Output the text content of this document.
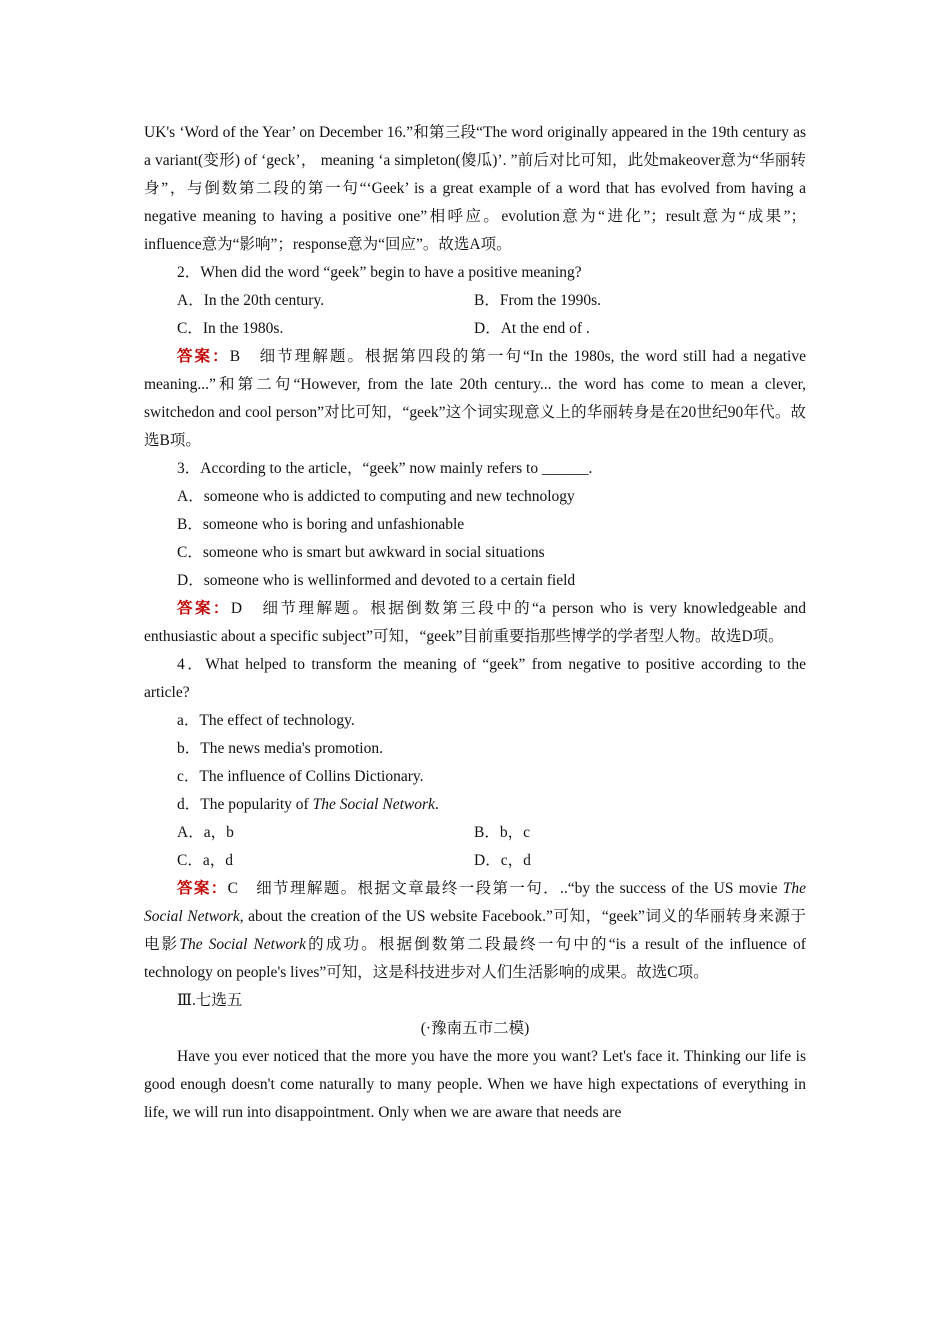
UK's ‘Word of the Year’ on December 16.”和第三段“The word originally appeared in the 19th century as a variant(变形) of ‘geck’， meaning ‘a simpleton(傻瓜)’. ”前后对比可知，此处makeover意为“华丽转身”，与倒数第二段的第一句“‘Geek’ is a great example of a word that has evolved from having a negative meaning to having a positive one”相呼应。evolution意为“进化”；result意为“成果”；influence意为“影响”；response意为“回应”。故选A项。

2．When did the word “geek” begin to have a positive meaning?

A．In the 20th century.	B．From the 1990s.
C．In the 1980s.	D．At the end of .

答案：B　细节理解题。根据第四段的第一句“In the 1980s, the word still had a negative meaning...”和第二句“However, from the late 20th century... the word has come to mean a clever, switchedon and cool person”对比可知，“geek”这个词实现意义上的华丽转身是在20世纪90年代。故选B项。

3．According to the article，“geek” now mainly refers to ______.

A．someone who is addicted to computing and new technology

B．someone who is boring and unfashionable

C．someone who is smart but awkward in social situations

D．someone who is wellinformed and devoted to a certain field

答案：D　细节理解题。根据倒数第三段中的“a person who is very knowledgeable and enthusiastic about a specific subject”可知，“geek”目前重要指那些博学的学者型人物。故选D项。

4．What helped to transform the meaning of “geek” from negative to positive according to the article?

a．The effect of technology.

b．The news media's promotion.

c．The influence of Collins Dictionary.

d．The popularity of The Social Network.

A．a，b	B．b，c
C．a，d	D．c，d

答案：C　细节理解题。根据文章最终一段第一句．..“by the success of the US movie The Social Network, about the creation of the US website Facebook.”可知，“geek”词义的华丽转身来源于电影The Social Network的成功。根据倒数第二段最终一句中的“is a result of the influence of technology on people's lives”可知，这是科技进步对人们生活影响的成果。故选C项。

Ⅲ.七选五

(·豫南五市二模)

Have you ever noticed that the more you have the more you want? Let's face it. Thinking our life is good enough doesn't come naturally to many people. When we have high expectations of everything in life, we will run into disappointment. Only when we are aware that needs are
